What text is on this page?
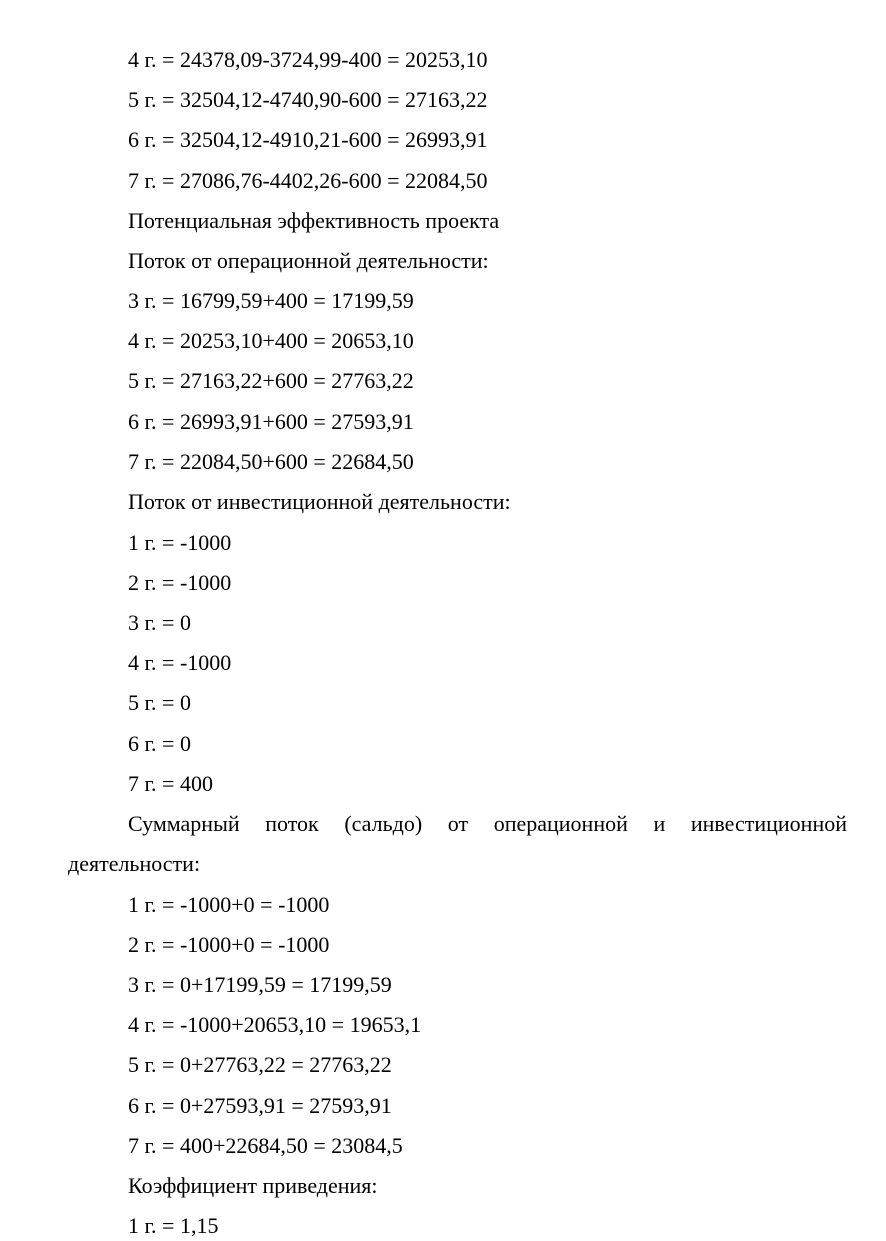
4 г. = 24378,09-3724,99-400 = 20253,10
5 г. = 32504,12-4740,90-600 = 27163,22
6 г. = 32504,12-4910,21-600 = 26993,91
7 г. = 27086,76-4402,26-600 = 22084,50
Потенциальная эффективность проекта
Поток от операционной деятельности:
3 г. = 16799,59+400 = 17199,59
4 г. = 20253,10+400 = 20653,10
5 г. = 27163,22+600 = 27763,22
6 г. = 26993,91+600 = 27593,91
7 г. = 22084,50+600 = 22684,50
Поток от инвестиционной деятельности:
1 г. = -1000
2 г. = -1000
3 г. = 0
4 г. = -1000
5 г. = 0
6 г. = 0
7 г. = 400
Суммарный поток (сальдо) от операционной и инвестиционной
деятельности:
1 г. = -1000+0 = -1000
2 г. = -1000+0 = -1000
3 г. = 0+17199,59 = 17199,59
4 г. = -1000+20653,10 = 19653,1
5 г. = 0+27763,22 = 27763,22
6 г. = 0+27593,91 = 27593,91
7 г. = 400+22684,50 = 23084,5
Коэффициент приведения:
1 г. = 1,15
